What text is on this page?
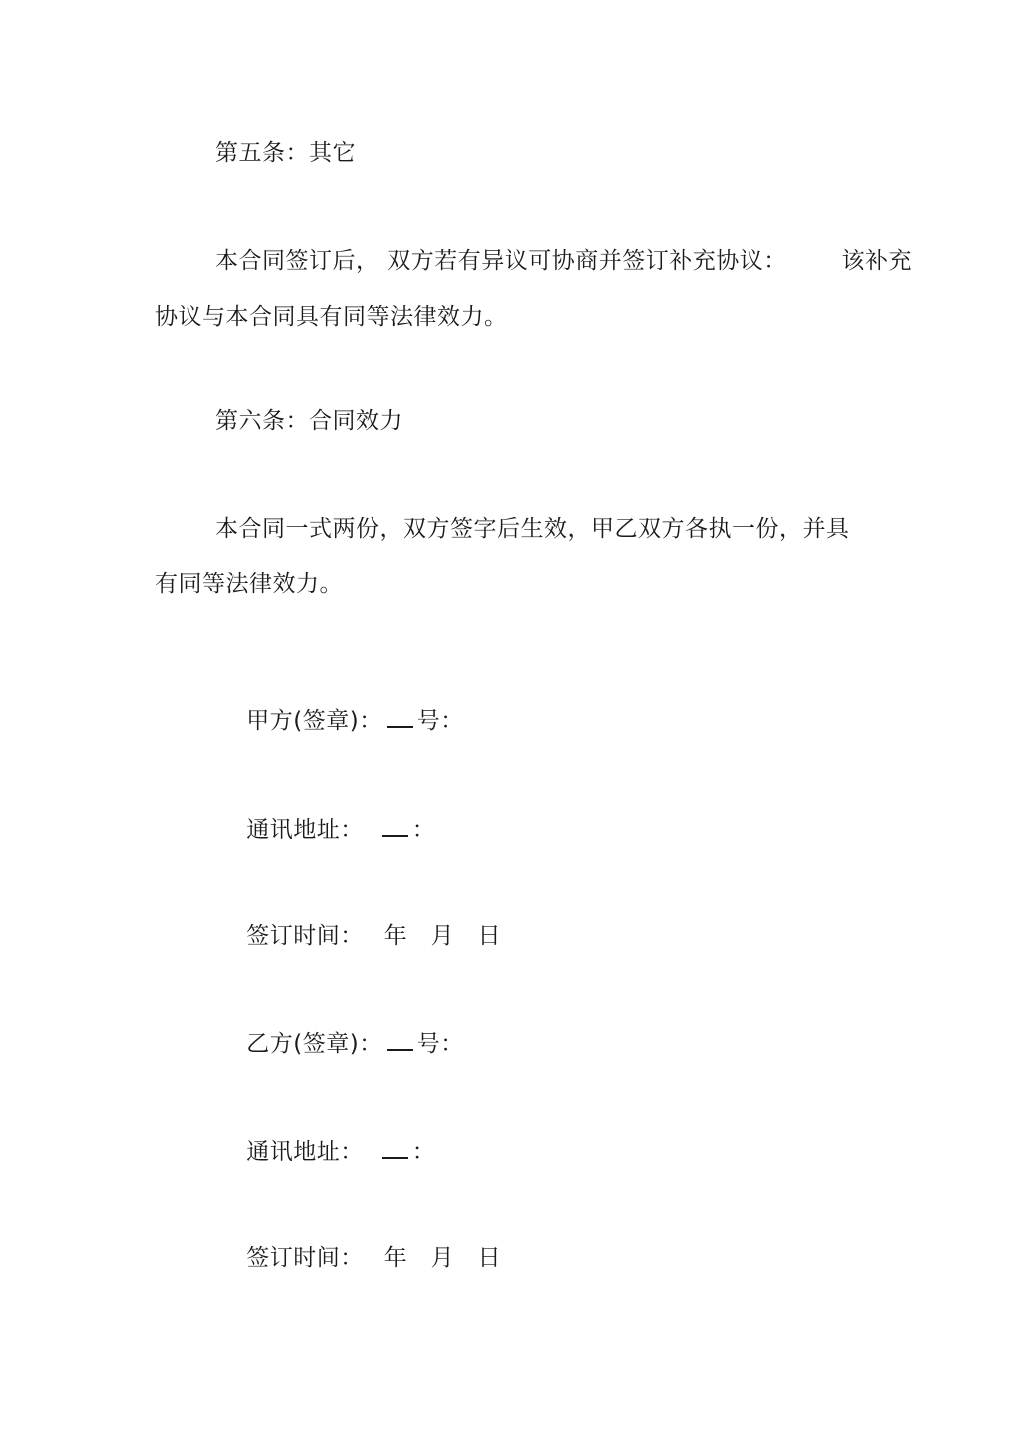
第五条：其它
本合同签订后， 双方若有异议可协商并签订补充协议：       该补充
协议与本合同具有同等法律效力。
第六条：合同效力
本合同一式两份，双方签字后生效，甲乙双方各执一份，并具
有同等法律效力。

甲方(签章)： 号：

通讯地址： ：

签订时间： 年   月   日

乙方(签章)： 号：

通讯地址： ：

签订时间： 年   月   日
